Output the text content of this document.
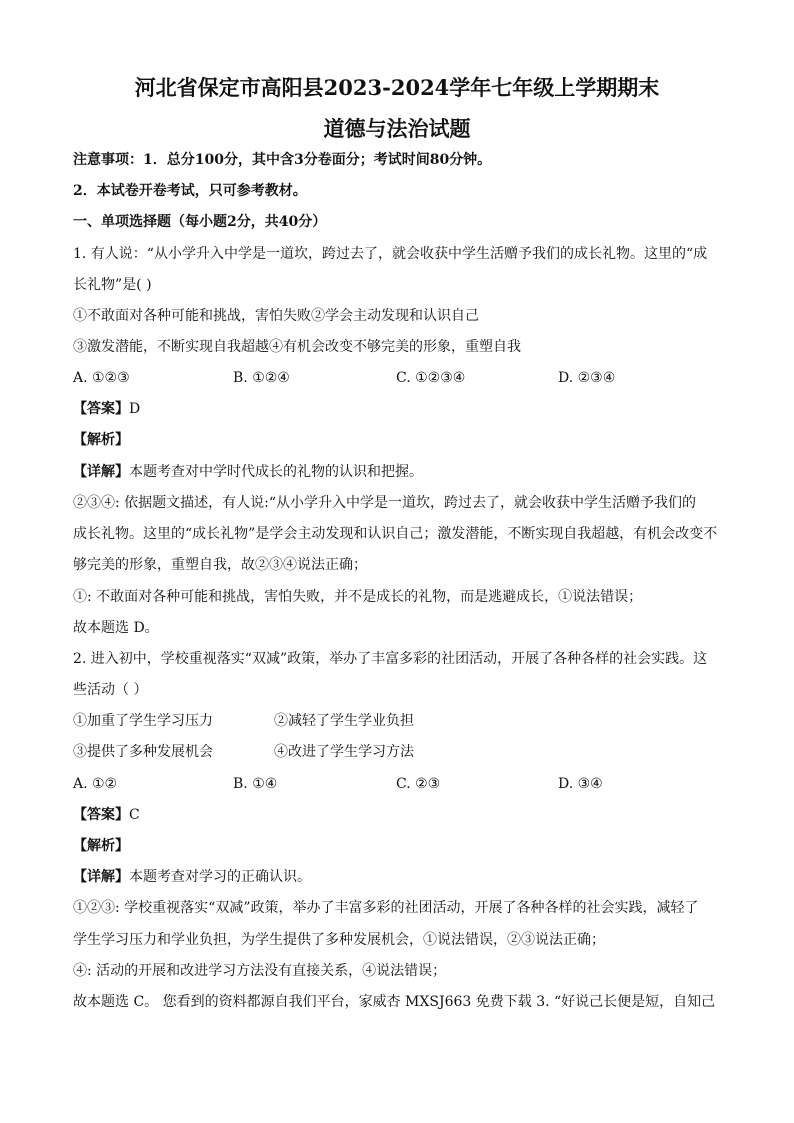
河北省保定市高阳县2023-2024学年七年级上学期期末
道德与法治试题
注意事项：1．总分100分，其中含3分卷面分；考试时间80分钟。
2．本试卷开卷考试，只可参考教材。
一、单项选择题（每小题2分，共40分）
1. 有人说：“从小学升入中学是一道坎，跨过去了，就会收获中学生活赠予我们的成长礼物。这里的“成
长礼物”是( )
①不敢面对各种可能和挑战，害怕失败②学会主动发现和认识自己
③激发潜能，不断实现自我超越④有机会改变不够完美的形象，重塑自我
A. ①②③	B. ①②④	C. ①②③④	D. ②③④
【答案】D
【解析】
【详解】本题考查对中学时代成长的礼物的认识和把握。
②③④: 依据题文描述，有人说:“从小学升入中学是一道坎，跨过去了，就会收获中学生活赠予我们的
成长礼物。这里的“成长礼物”是学会主动发现和认识自己；激发潜能，不断实现自我超越，有机会改变不
够完美的形象，重塑自我，故②③④说法正确；
①: 不敢面对各种可能和挑战，害怕失败，并不是成长的礼物，而是逃避成长，①说法错误；
故本题选 D。
2. 进入初中，学校重视落实“双减”政策，举办了丰富多彩的社团活动，开展了各种各样的社会实践。这
些活动（ ）
①加重了学生学习压力	②减轻了学生学业负担
③提供了多种发展机会	④改进了学生学习方法
A. ①②	B. ①④	C. ②③	D. ③④
【答案】C
【解析】
【详解】本题考查对学习的正确认识。
①②③: 学校重视落实“双减”政策，举办了丰富多彩的社团活动，开展了各种各样的社会实践，减轻了
学生学习压力和学业负担，为学生提供了多种发展机会，①说法错误，②③说法正确；
④: 活动的开展和改进学习方法没有直接关系，④说法错误；
故本题选 C。 您看到的资料都源自我们平台，家威杏 MXSJ663 免费下载 3. “好说己长便是短，自知己
